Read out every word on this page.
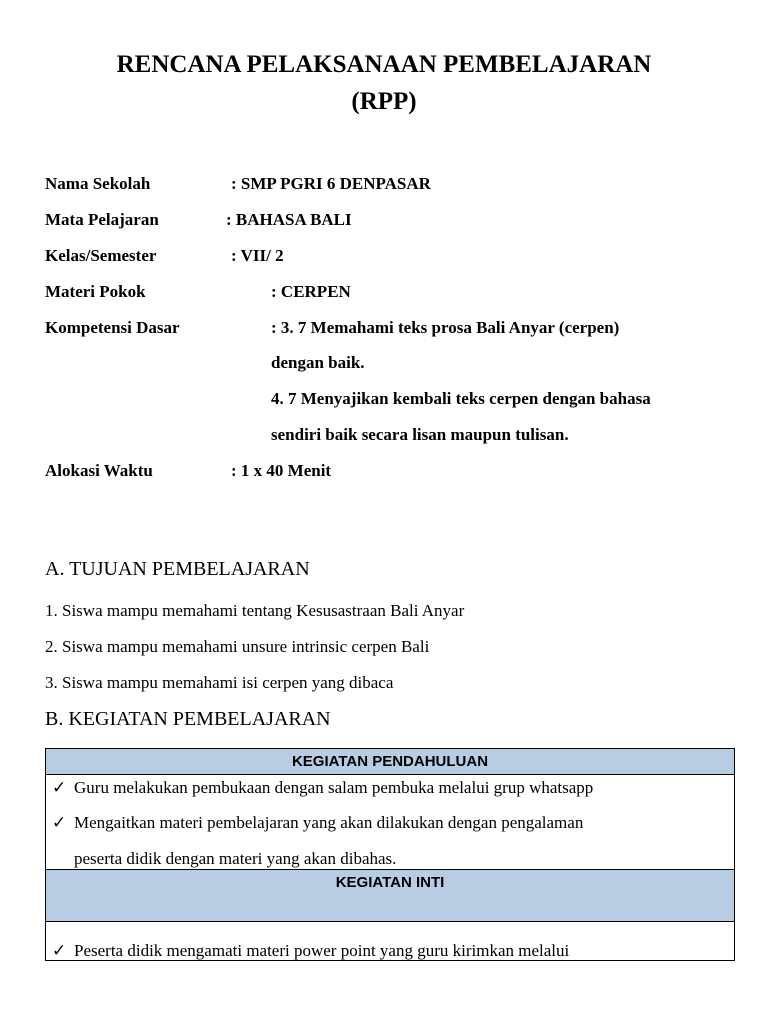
RENCANA PELAKSANAAN PEMBELAJARAN
(RPP)
Nama Sekolah	: SMP PGRI 6 DENPASAR
Mata Pelajaran	: BAHASA BALI
Kelas/Semester	: VII/ 2
Materi Pokok	: CERPEN
Kompetensi Dasar	: 3. 7 Memahami teks prosa Bali Anyar (cerpen)
dengan baik.
4. 7 Menyajikan kembali teks cerpen dengan bahasa
sendiri baik secara lisan maupun tulisan.
Alokasi Waktu	: 1 x 40 Menit
A. TUJUAN PEMBELAJARAN
1. Siswa mampu memahami tentang Kesusastraan Bali Anyar
2. Siswa mampu memahami unsure intrinsic cerpen Bali
3. Siswa mampu memahami isi cerpen yang dibaca
B. KEGIATAN PEMBELAJARAN
KEGIATAN PENDAHULUAN
✓ Guru melakukan pembukaan dengan salam pembuka melalui grup whatsapp
✓ Mengaitkan materi pembelajaran yang akan dilakukan dengan pengalaman
peserta didik dengan materi yang akan dibahas.
KEGIATAN INTI
✓ Peserta didik mengamati materi power point yang guru kirimkan melalui
